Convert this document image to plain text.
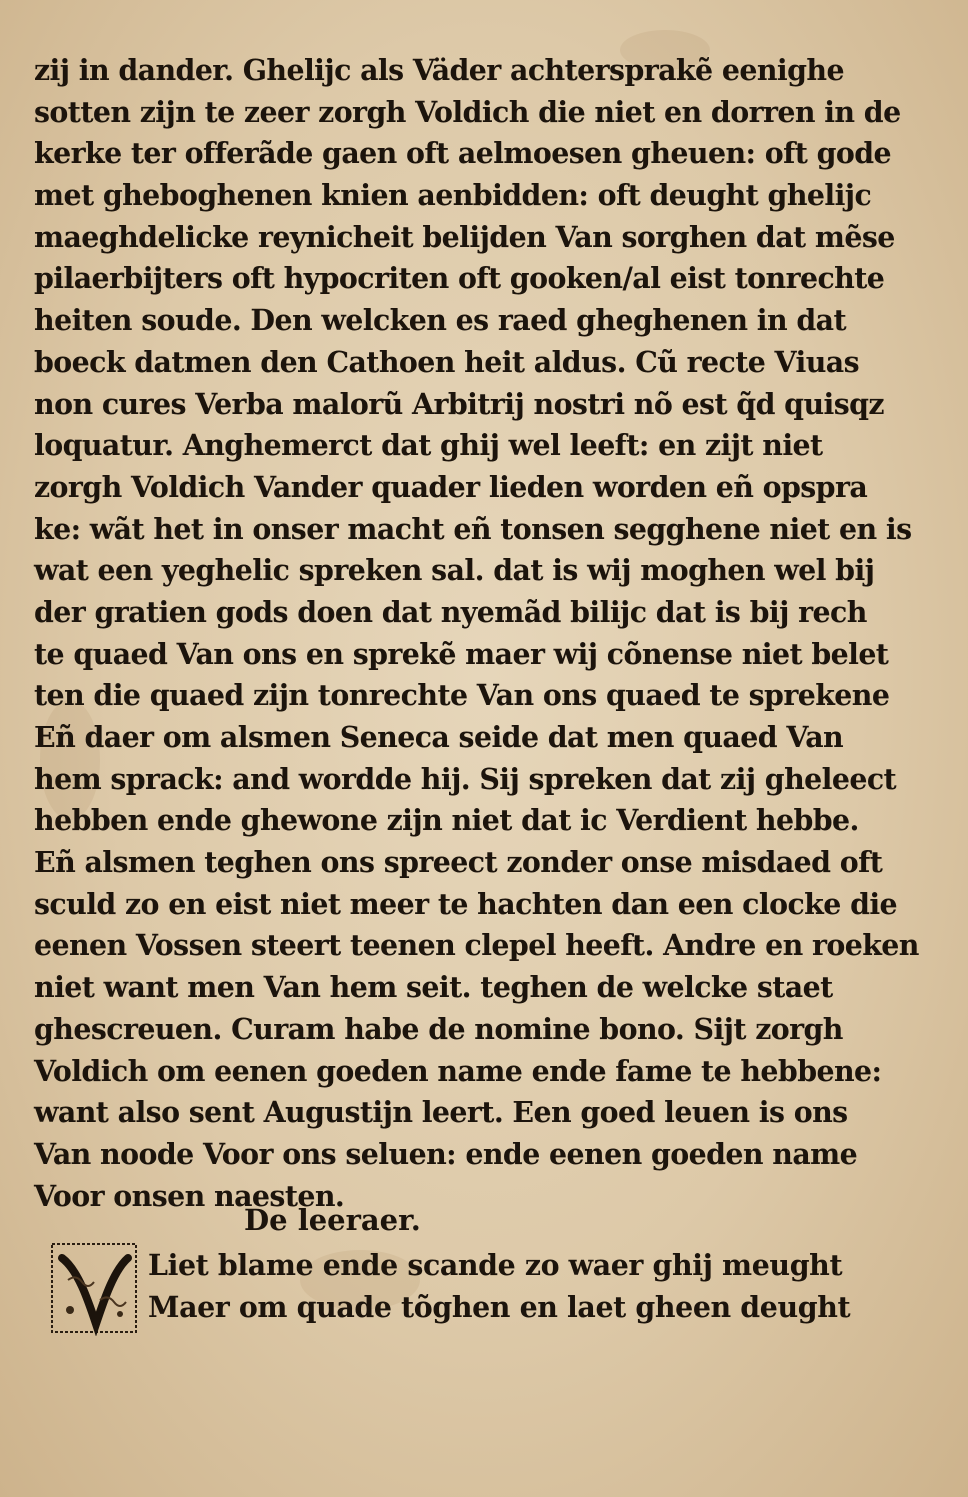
zij in dander. Ghelijc als Väder achtersprakẽ eenighe
sotten zijn te zeer zorgh Voldich die niet en dorren in de
kerke ter offerãde gaen oft aelmoesen gheuen: oft gode
met gheboghenen knien aenbidden: oft deught ghelijc
maeghdelicke reynicheit belijden Van sorghen dat mẽse
pilaerbijters oft hypocriten oft gooken/al eist tonrechte
heiten soude. Den welcken es raed gheghenen in dat
boeck datmen den Cathoen heit aldus. Cũ recte Viuas
non cures Verba malorũ Arbitrij nostri nõ est q̃d quisqz
loquatur. Anghemerct dat ghij wel leeft: en zijt niet
zorgh Voldich Vander quader lieden worden eñ opspra
ke: wãt het in onser macht eñ tonsen segghene niet en is
wat een yeghelic spreken sal. dat is wij moghen wel bij
der gratien gods doen dat nyemãd bilijc dat is bij rech
te quaed Van ons en sprekẽ maer wij cõnense niet belet
ten die quaed zijn tonrechte Van ons quaed te sprekene
Eñ daer om alsmen Seneca seide dat men quaed Van
hem sprack: and wordde hij. Sij spreken dat zij gheleect
hebben ende ghewone zijn niet dat ic Verdient hebbe.
Eñ alsmen teghen ons spreect zonder onse misdaed oft
sculd zo en eist niet meer te hachten dan een clocke die
eenen Vossen steert teenen clepel heeft. Andre en roeken
niet want men Van hem seit. teghen de welcke staet
ghescreuen. Curam habe de nomine bono. Sijt zorgh
Voldich om eenen goeden name ende fame te hebbene:
want also sent Augustijn leert. Een goed leuen is ons
Van noode Voor ons seluen: ende eenen goeden name
Voor onsen naesten.
De leeraer.
Liet blame ende scande zo waer ghij meught
Maer om quade tõghen en laet gheen deught
